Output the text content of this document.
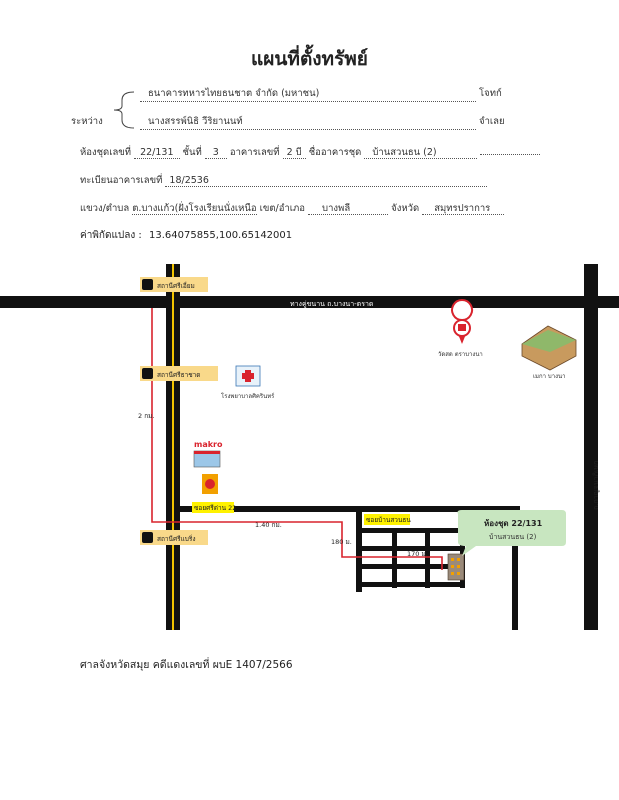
แผนที่ตั้งทรัพย์
ระหว่าง
ธนาคารทหารไทยธนชาต จำกัด (มหาชน)	โจทก์
นางสรรพ์นิธิ วีริยานนท์	จำเลย
ห้องชุดเลขที่ 22/131 ชั้นที่ 3 อาคารเลขที่ 2 บี ชื่ออาคารชุด บ้านสวนธน (2)
ทะเบียนอาคารเลขที่ 18/2536
แขวง/ตำบล ต.บางแก้ว(ฝั่งโรงเรียนนั่งเหนือ เขต/อำเภอ บางพลี	จังหวัด สมุทรปราการ
ค่าพิกัดแปลง : 13.64075855,100.65142001
ทางคู่ขนาน ถ.บางนา-ตราด
ถ.กาญจนาภิเษก
สถานีศรีเอี่ยม
สถานีศรีธาชาด
สถานีศรีแบริ่ง
2 กม.
1.40 กม.
180 ม.
170 ม.
ซอยศรีด่าน 22
ซอยบ้านสวนธน
makro
โรงพยาบาลศิครินทร์
วัดสด ตราบางนา
เมกา บางนา
ห้องชุด 22/131
บ้านสวนธน (2)
ศาลจังหวัดสมุย คดีแดงเลขที่ ผบE 1407/2566
